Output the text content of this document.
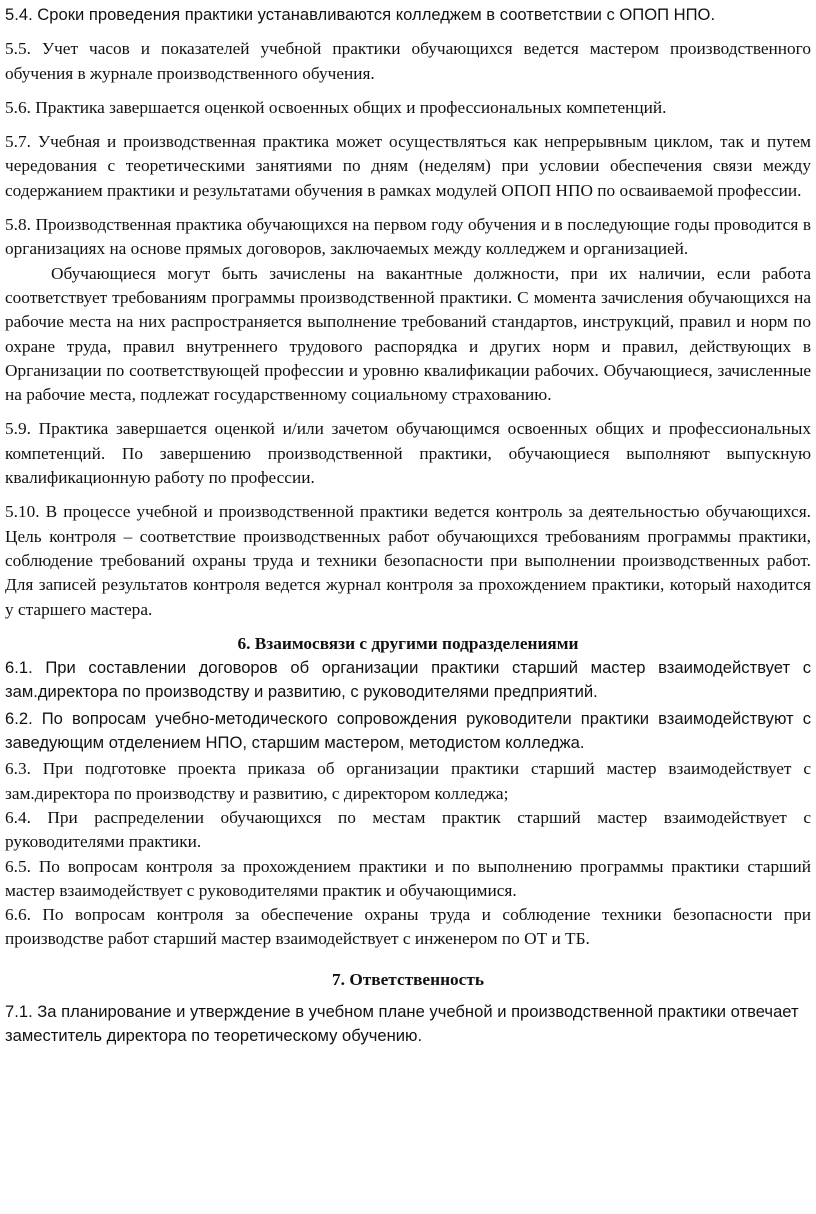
5.4. Сроки проведения практики устанавливаются колледжем в соответствии с ОПОП НПО.

5.5. Учет часов и показателей учебной практики обучающихся ведется мастером производственного обучения в журнале производственного обучения.

5.6. Практика завершается оценкой освоенных общих и профессиональных компетенций.

5.7. Учебная и производственная практика может осуществляться как непрерывным циклом, так и путем чередования с теоретическими занятиями по дням (неделям) при условии обеспечения связи между содержанием практики и результатами обучения в рамках модулей ОПОП НПО по осваиваемой профессии.

5.8. Производственная практика обучающихся на первом году обучения и в последующие годы проводится в организациях на основе прямых договоров, заключаемых между колледжем и организацией.

Обучающиеся могут быть зачислены на вакантные должности, при их наличии, если работа соответствует требованиям программы производственной практики. С момента зачисления обучающихся на рабочие места на них распространяется выполнение требований стандартов, инструкций, правил и норм по охране труда, правил внутреннего трудового распорядка и других норм и правил, действующих в Организации по соответствующей профессии и уровню квалификации рабочих. Обучающиеся, зачисленные на рабочие места, подлежат государственному социальному страхованию.

5.9. Практика завершается оценкой и/или зачетом обучающимся освоенных общих и профессиональных компетенций. По завершению производственной практики, обучающиеся выполняют выпускную квалификационную работу по профессии.

5.10. В процессе учебной и производственной практики ведется контроль за деятельностью обучающихся. Цель контроля – соответствие производственных работ обучающихся требованиям программы практики, соблюдение требований охраны труда и техники безопасности при выполнении производственных работ. Для записей результатов контроля ведется журнал контроля за прохождением практики, который находится у старшего мастера.

6. Взаимосвязи с другими подразделениями

6.1. При составлении договоров об организации практики старший мастер взаимодействует с зам.директора по производству и развитию, с руководителями предприятий.

6.2. По вопросам учебно-методического сопровождения руководители практики взаимодействуют с заведующим отделением НПО, старшим мастером, методистом колледжа.

6.3. При подготовке проекта приказа об организации практики старший мастер взаимодействует с зам.директора по производству и развитию, с директором колледжа;

6.4. При распределении обучающихся по местам практик старший мастер взаимодействует с руководителями практики.

6.5. По вопросам контроля за прохождением практики и по выполнению программы практики старший мастер взаимодействует с руководителями практик и обучающимися.

6.6. По вопросам контроля за обеспечение охраны труда и соблюдение техники безопасности при производстве работ старший мастер взаимодействует с инженером по ОТ и ТБ.

7. Ответственность

7.1. За планирование и утверждение в учебном плане учебной и производственной практики отвечает заместитель директора по теоретическому обучению.
